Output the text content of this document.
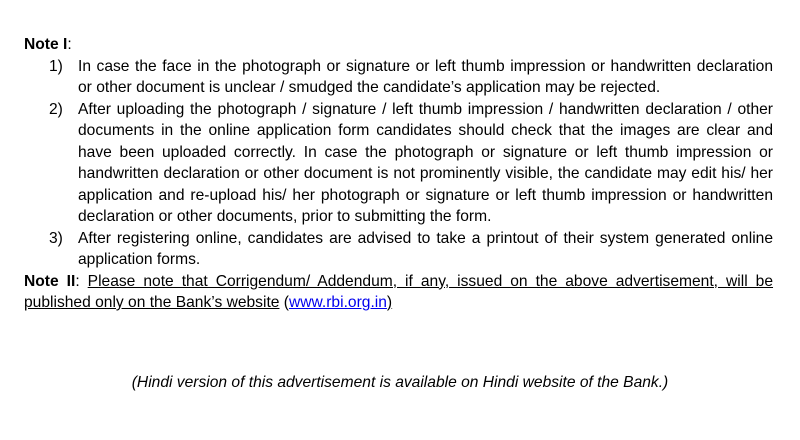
Note I:

1) In case the face in the photograph or signature or left thumb impression or handwritten declaration or other document is unclear / smudged the candidate’s application may be rejected.
2) After uploading the photograph / signature / left thumb impression / handwritten declaration / other documents in the online application form candidates should check that the images are clear and have been uploaded correctly. In case the photograph or signature or left thumb impression or handwritten declaration or other document is not prominently visible, the candidate may edit his/ her application and re-upload his/ her photograph or signature or left thumb impression or handwritten declaration or other documents, prior to submitting the form.
3) After registering online, candidates are advised to take a printout of their system generated online application forms.

Note II: Please note that Corrigendum/ Addendum, if any, issued on the above advertisement, will be published only on the Bank’s website (www.rbi.org.in)

(Hindi version of this advertisement is available on Hindi website of the Bank.)
